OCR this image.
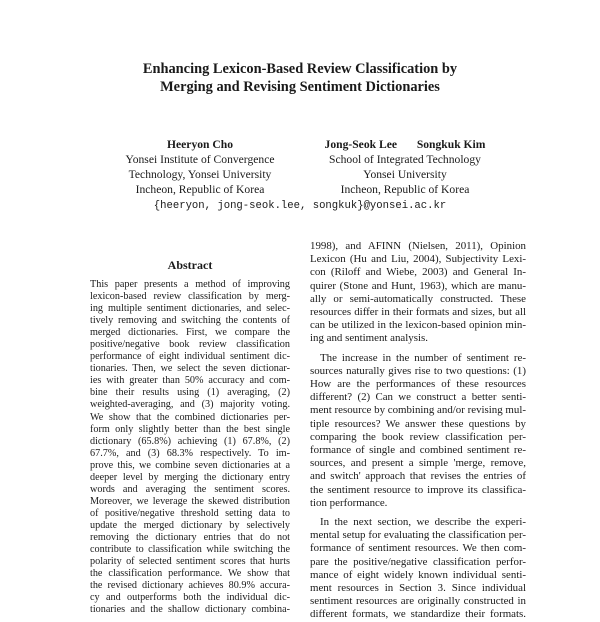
Enhancing Lexicon-Based Review Classification by
Merging and Revising Sentiment Dictionaries
Heeryon Cho
Yonsei Institute of Convergence
Technology, Yonsei University
Incheon, Republic of Korea
Jong-Seok Lee Songkuk Kim
School of Integrated Technology
Yonsei University
Incheon, Republic of Korea
{heeryon, jong-seok.lee, songkuk}@yonsei.ac.kr
Abstract
This paper presents a method of improving
lexicon-based review classification by merg-
ing multiple sentiment dictionaries, and selec-
tively removing and switching the contents of
merged dictionaries. First, we compare the
positive/negative book review classification
performance of eight individual sentiment dic-
tionaries. Then, we select the seven dictionar-
ies with greater than 50% accuracy and com-
bine their results using (1) averaging, (2)
weighted-averaging, and (3) majority voting.
We show that the combined dictionaries per-
form only slightly better than the best single
dictionary (65.8%) achieving (1) 67.8%, (2)
67.7%, and (3) 68.3% respectively. To im-
prove this, we combine seven dictionaries at a
deeper level by merging the dictionary entry
words and averaging the sentiment scores.
Moreover, we leverage the skewed distribution
of positive/negative threshold setting data to
update the merged dictionary by selectively
removing the dictionary entries that do not
contribute to classification while switching the
polarity of selected sentiment scores that hurts
the classification performance. We show that
the revised dictionary achieves 80.9% accura-
cy and outperforms both the individual dic-
tionaries and the shallow dictionary combina-
1998), and AFINN (Nielsen, 2011), Opinion
Lexicon (Hu and Liu, 2004), Subjectivity Lexi-
con (Riloff and Wiebe, 2003) and General In-
quirer (Stone and Hunt, 1963), which are manu-
ally or semi-automatically constructed. These
resources differ in their formats and sizes, but all
can be utilized in the lexicon-based opinion min-
ing and sentiment analysis.
The increase in the number of sentiment re-
sources naturally gives rise to two questions: (1)
How are the performances of these resources
different? (2) Can we construct a better senti-
ment resource by combining and/or revising mul-
tiple resources? We answer these questions by
comparing the book review classification per-
formance of single and combined sentiment re-
sources, and present a simple 'merge, remove,
and switch' approach that revises the entries of
the sentiment resource to improve its classifica-
tion performance.
In the next section, we describe the experi-
mental setup for evaluating the classification per-
formance of sentiment resources. We then com-
pare the positive/negative classification perfor-
mance of eight widely known individual senti-
ment resources in Section 3. Since individual
sentiment resources are originally constructed in
different formats, we standardize their formats.
